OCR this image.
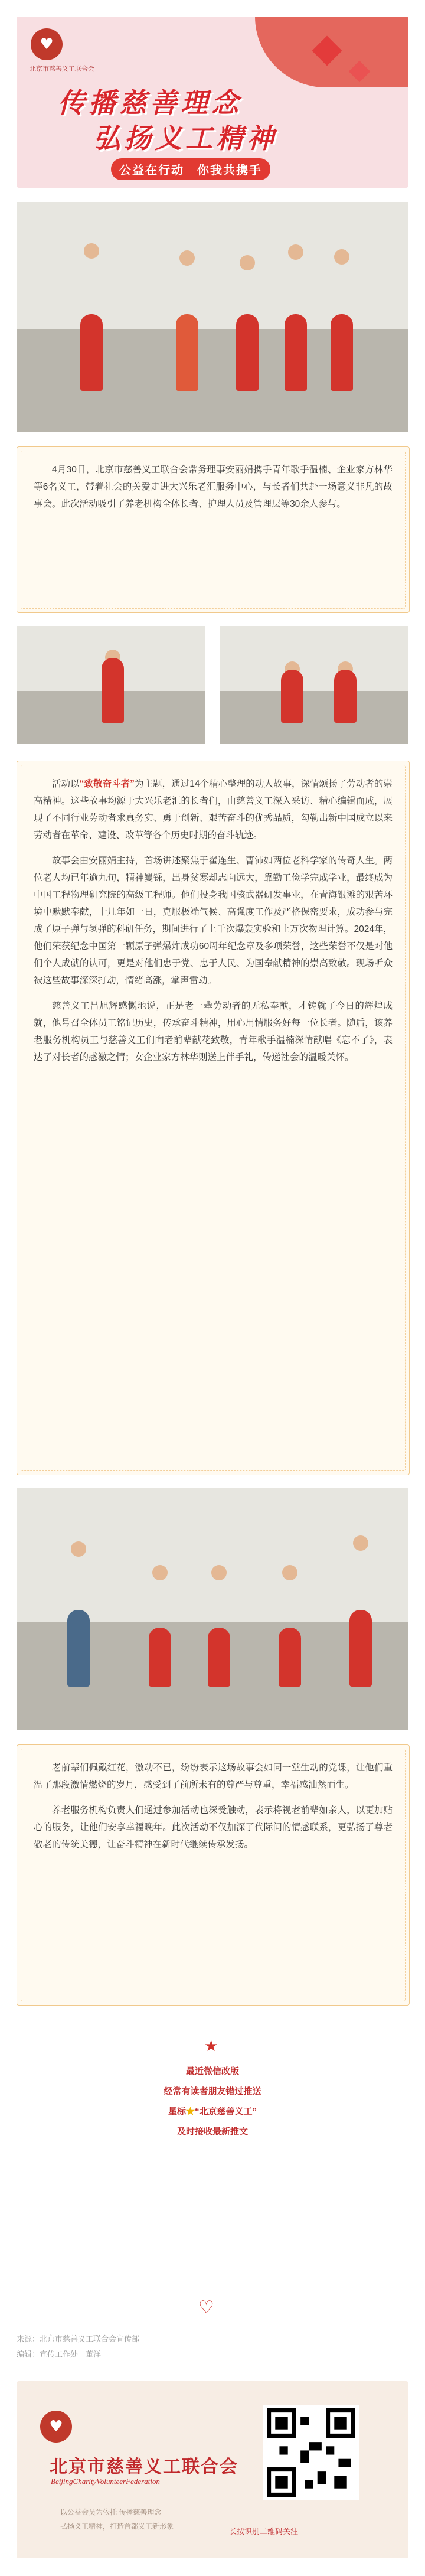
♥
北京市慈善义工联合会
传播慈善理念
弘扬义工精神
公益在行动　你我共携手

4月30日，北京市慈善义工联合会常务理事安丽娟携手青年歌手温楠、企业家方林华等6名义工，带着社会的关爱走进大兴乐老汇服务中心，与长者们共赴一场意义非凡的故事会。此次活动吸引了养老机构全体长者、护理人员及管理层等30余人参与。

活动以“致敬奋斗者”为主题，通过14个精心整理的动人故事，深情颂扬了劳动者的崇高精神。这些故事均源于大兴乐老汇的长者们，由慈善义工深入采访、精心编辑而成，展现了不同行业劳动者求真务实、勇于创新、艰苦奋斗的优秀品质，勾勒出新中国成立以来劳动者在革命、建设、改革等各个历史时期的奋斗轨迹。

故事会由安丽娟主持，首场讲述聚焦于翟连生、曹沛如两位老科学家的传奇人生。两位老人均已年逾九旬，精神矍铄，出身贫寒却志向远大，靠勤工俭学完成学业，最终成为中国工程物理研究院的高级工程师。他们投身我国核武器研发事业，在青海银滩的艰苦环境中默默奉献，十几年如一日，克服极端气候、高强度工作及严格保密要求，成功参与完成了原子弹与氢弹的科研任务，期间进行了上千次爆轰实验和上万次物理计算。2024年，他们荣获纪念中国第一颗原子弹爆炸成功60周年纪念章及多项荣誉，这些荣誉不仅是对他们个人成就的认可，更是对他们忠于党、忠于人民、为国奉献精神的崇高致敬。现场听众被这些故事深深打动，情绪高涨，掌声雷动。

慈善义工吕旭辉感慨地说，正是老一辈劳动者的无私奉献，才铸就了今日的辉煌成就，他号召全体员工铭记历史，传承奋斗精神，用心用情服务好每一位长者。随后，该养老服务机构员工与慈善义工们向老前辈献花致敬，青年歌手温楠深情献唱《忘不了》，表达了对长者的感激之情；女企业家方林华则送上伴手礼，传递社会的温暖关怀。

老前辈们佩戴红花，激动不已，纷纷表示这场故事会如同一堂生动的党课，让他们重温了那段激情燃烧的岁月，感受到了前所未有的尊严与尊重，幸福感油然而生。

养老服务机构负责人们通过参加活动也深受触动，表示将视老前辈如亲人，以更加贴心的服务，让他们安享幸福晚年。此次活动不仅加深了代际间的情感联系，更弘扬了尊老敬老的传统美德，让奋斗精神在新时代继续传承发扬。

★
最近微信改版
经常有读者朋友错过推送
星标★“北京慈善义工”
及时接收最新推文
♡
来源：北京市慈善义工联合会宣传部
编辑：宣传工作处　董洋
♥
北京市慈善义工联合会
BeijingCharityVolunteerFederation
以公益会员为依托 传播慈善理念
弘扬义工精神，打造首都义工新形象
长按识别二维码关注
